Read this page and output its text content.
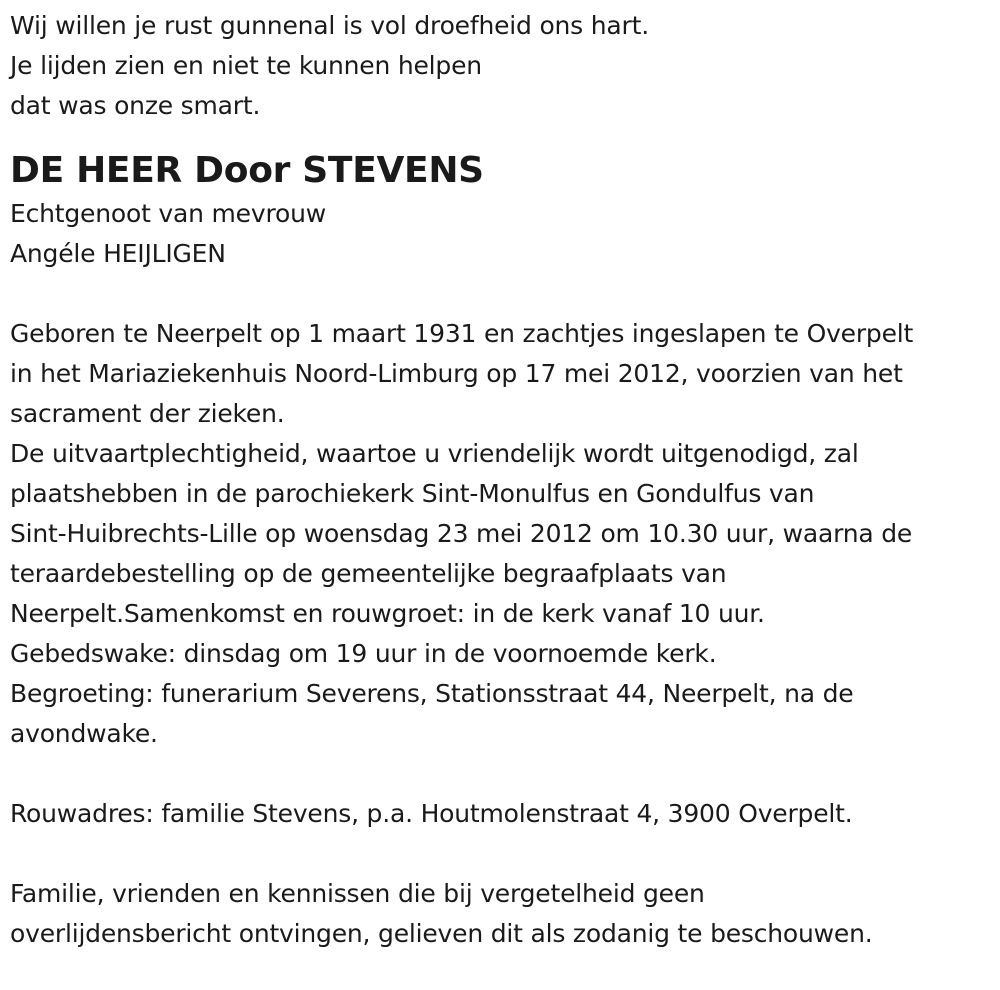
Wij willen je rust gunnenal is vol droefheid ons hart.
Je lijden zien en niet te kunnen helpen
dat was onze smart.
DE HEER Door STEVENS
Echtgenoot van mevrouw
Angéle HEIJLIGEN
Geboren te Neerpelt op 1 maart 1931 en zachtjes ingeslapen te Overpelt
in het Mariaziekenhuis Noord-Limburg op 17 mei 2012, voorzien van het
sacrament der zieken.
De uitvaartplechtigheid, waartoe u vriendelijk wordt uitgenodigd, zal
plaatshebben in de parochiekerk Sint-Monulfus en Gondulfus van
Sint-Huibrechts-Lille op woensdag 23 mei 2012 om 10.30 uur, waarna de
teraardebestelling op de gemeentelijke begraafplaats van
Neerpelt.Samenkomst en rouwgroet: in de kerk vanaf 10 uur.
Gebedswake: dinsdag om 19 uur in de voornoemde kerk.
Begroeting: funerarium Severens, Stationsstraat 44, Neerpelt, na de
avondwake.
Rouwadres: familie Stevens, p.a. Houtmolenstraat 4, 3900 Overpelt.
Familie, vrienden en kennissen die bij vergetelheid geen
overlijdensbericht ontvingen, gelieven dit als zodanig te beschouwen.
